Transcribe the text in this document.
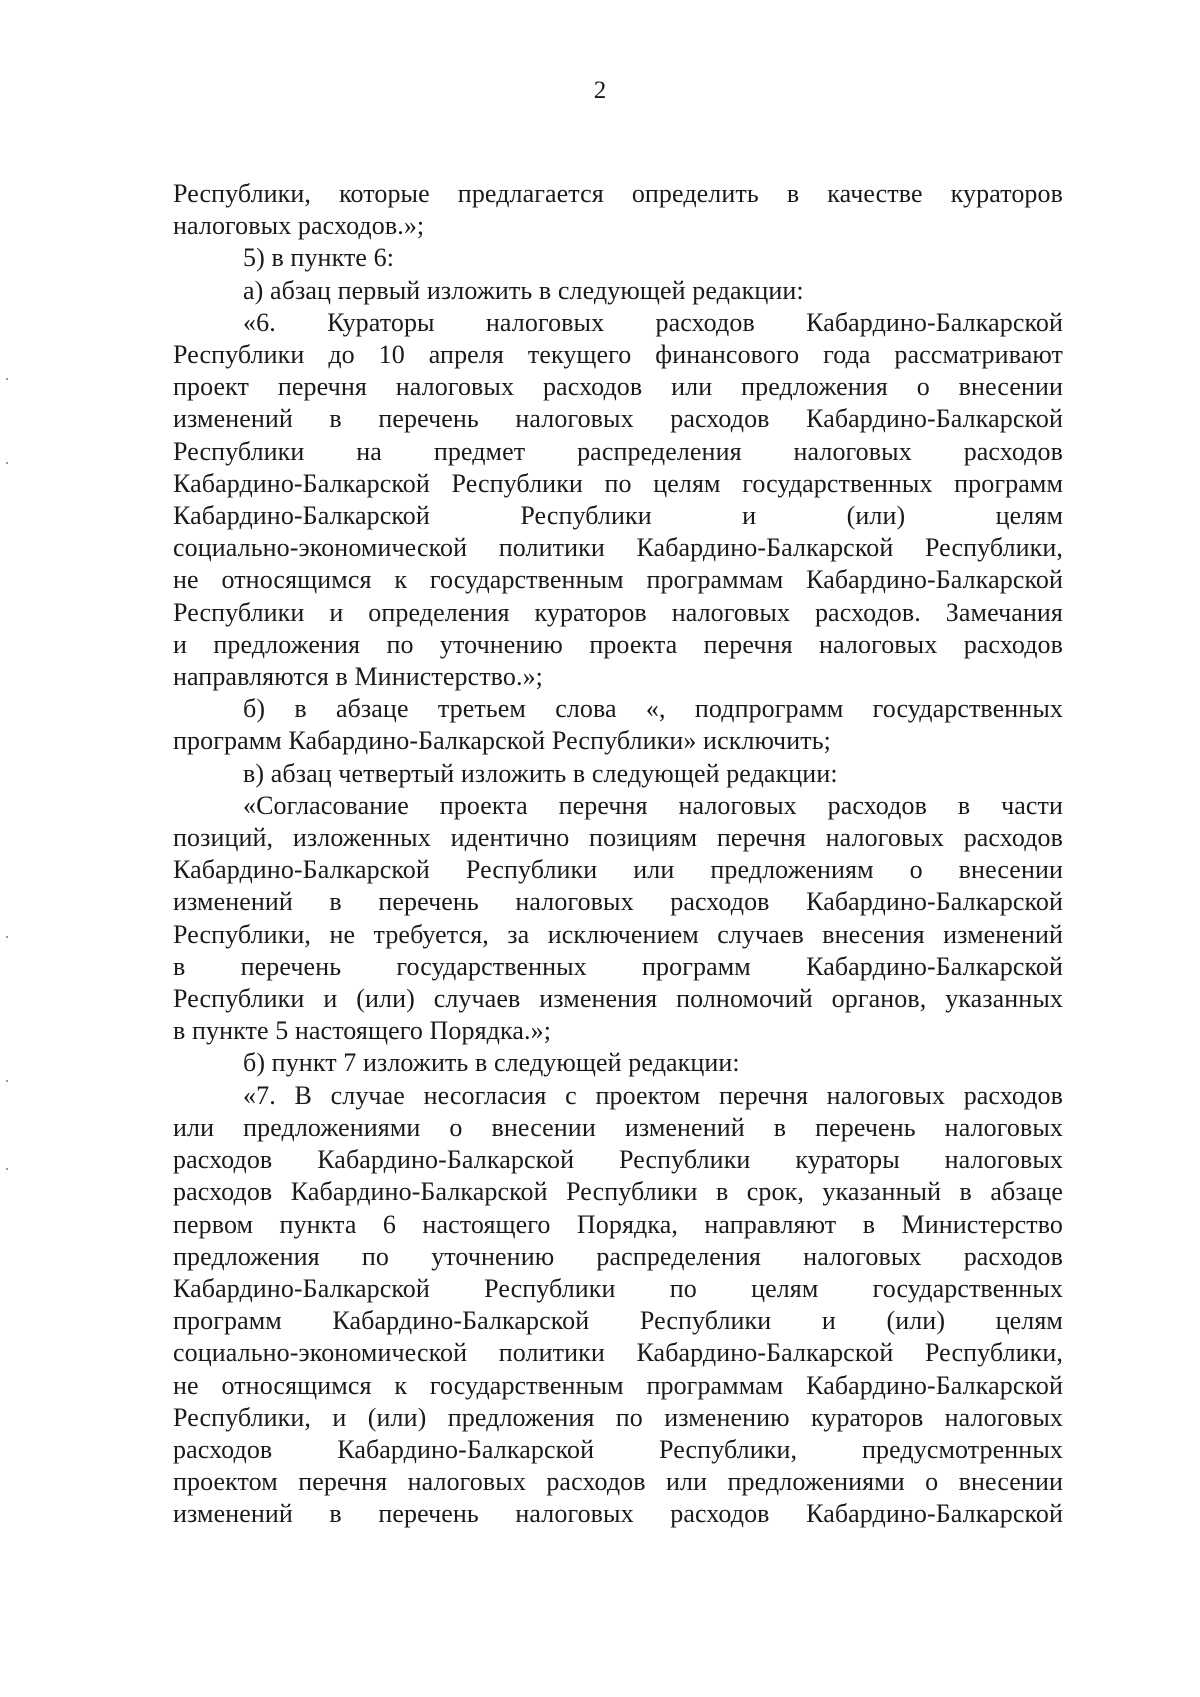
2
Республики, которые предлагается определить в качестве кураторов
налоговых расходов.»;
5) в пункте 6:
а) абзац первый изложить в следующей редакции:
«6. Кураторы налоговых расходов Кабардино-Балкарской
Республики до 10 апреля текущего финансового года рассматривают
проект перечня налоговых расходов или предложения о внесении
изменений в перечень налоговых расходов Кабардино-Балкарской
Республики на предмет распределения налоговых расходов
Кабардино-Балкарской Республики по целям государственных программ
Кабардино-Балкарской Республики и (или) целям
социально-экономической политики Кабардино-Балкарской Республики,
не относящимся к государственным программам Кабардино-Балкарской
Республики и определения кураторов налоговых расходов. Замечания
и предложения по уточнению проекта перечня налоговых расходов
направляются в Министерство.»;
б) в абзаце третьем слова «, подпрограмм государственных
программ Кабардино-Балкарской Республики» исключить;
в) абзац четвертый изложить в следующей редакции:
«Согласование проекта перечня налоговых расходов в части
позиций, изложенных идентично позициям перечня налоговых расходов
Кабардино-Балкарской Республики или предложениям о внесении
изменений в перечень налоговых расходов Кабардино-Балкарской
Республики, не требуется, за исключением случаев внесения изменений
в перечень государственных программ Кабардино-Балкарской
Республики и (или) случаев изменения полномочий органов, указанных
в пункте 5 настоящего Порядка.»;
б) пункт 7 изложить в следующей редакции:
«7. В случае несогласия с проектом перечня налоговых расходов
или предложениями о внесении изменений в перечень налоговых
расходов Кабардино-Балкарской Республики кураторы налоговых
расходов Кабардино-Балкарской Республики в срок, указанный в абзаце
первом пункта 6 настоящего Порядка, направляют в Министерство
предложения по уточнению распределения налоговых расходов
Кабардино-Балкарской Республики по целям государственных
программ Кабардино-Балкарской Республики и (или) целям
социально-экономической политики Кабардино-Балкарской Республики,
не относящимся к государственным программам Кабардино-Балкарской
Республики, и (или) предложения по изменению кураторов налоговых
расходов Кабардино-Балкарской Республики, предусмотренных
проектом перечня налоговых расходов или предложениями о внесении
изменений в перечень налоговых расходов Кабардино-Балкарской
